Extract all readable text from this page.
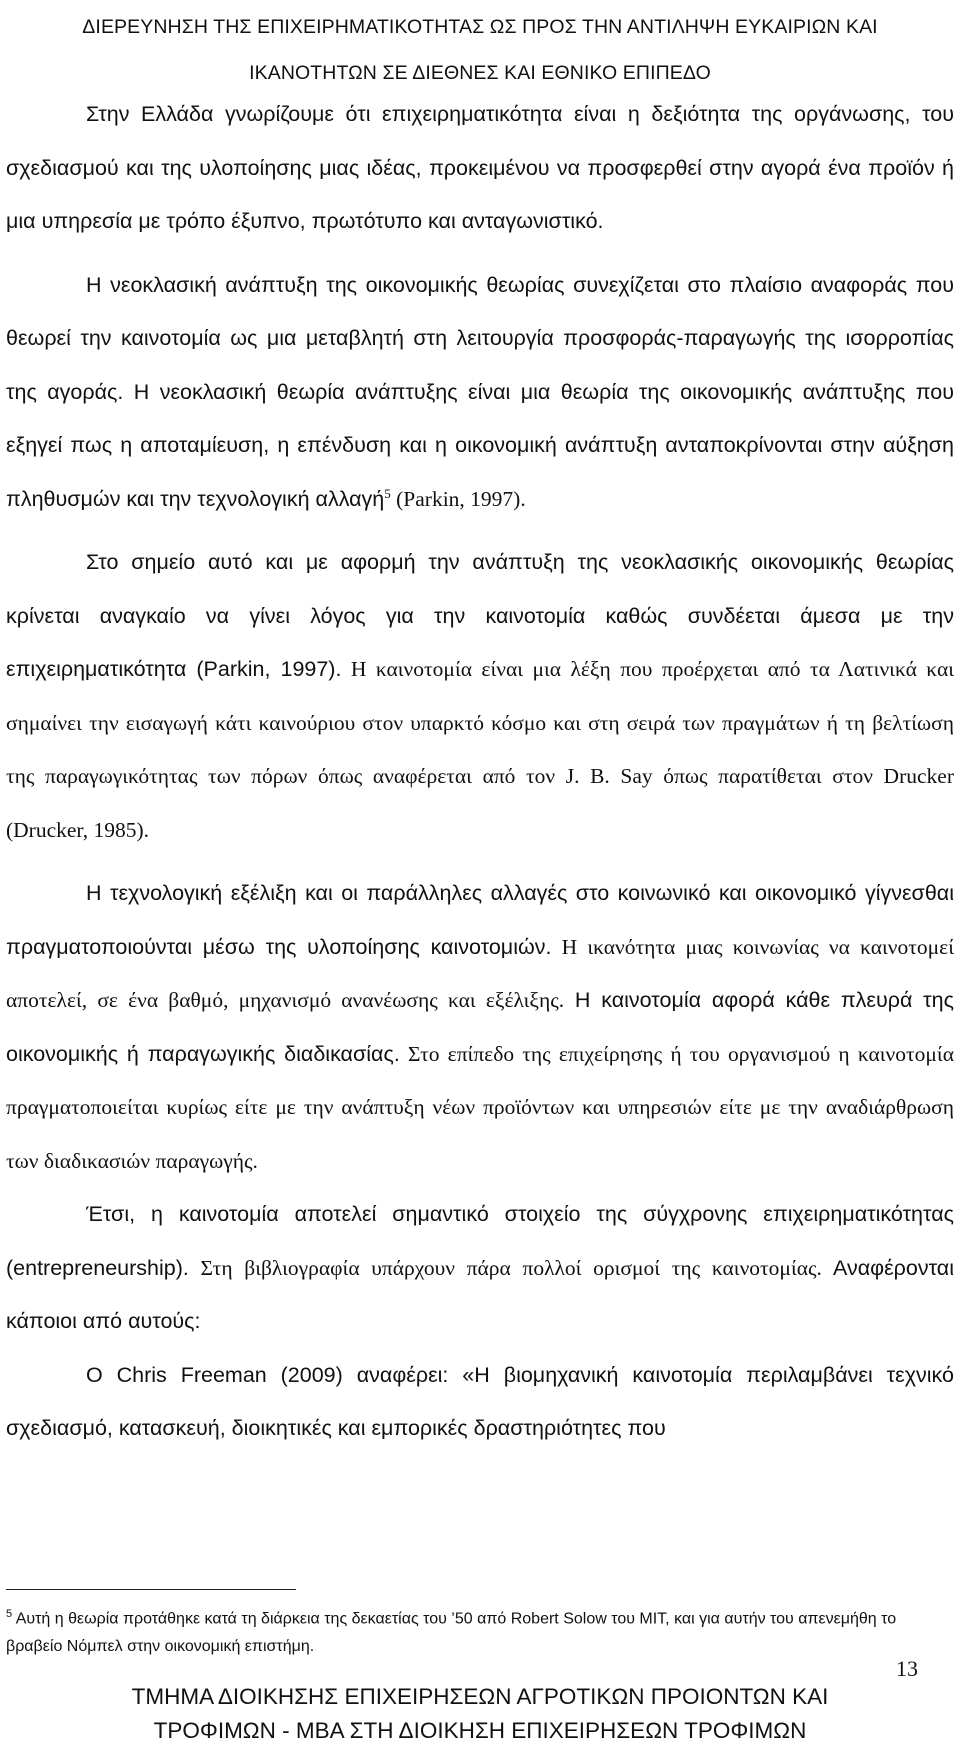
ΔΙΕΡΕΥΝΗΣΗ ΤΗΣ ΕΠΙΧΕΙΡΗΜΑΤΙΚΟΤΗΤΑΣ ΩΣ ΠΡΟΣ ΤΗΝ ΑΝΤΙΛΗΨΗ ΕΥΚΑΙΡΙΩΝ ΚΑΙ
ΙΚΑΝΟΤΗΤΩΝ ΣΕ ΔΙΕΘΝΕΣ ΚΑΙ ΕΘΝΙΚΟ ΕΠΙΠΕΔΟ

Στην Ελλάδα γνωρίζουμε ότι επιχειρηματικότητα είναι η δεξιότητα της οργάνωσης, του σχεδιασμού και της υλοποίησης μιας ιδέας, προκειμένου να προσφερθεί στην αγορά ένα προϊόν ή μια υπηρεσία με τρόπο έξυπνο, πρωτότυπο και ανταγωνιστικό.

Η νεοκλασική ανάπτυξη της οικονομικής θεωρίας συνεχίζεται στο πλαίσιο αναφοράς που θεωρεί την καινοτομία ως μια μεταβλητή στη λειτουργία προσφοράς-παραγωγής της ισορροπίας της αγοράς. Η νεοκλασική θεωρία ανάπτυξης είναι μια θεωρία της οικονομικής ανάπτυξης που εξηγεί πως η αποταμίευση, η επένδυση και η οικονομική ανάπτυξη ανταποκρίνονται στην αύξηση πληθυσμών και την τεχνολογική αλλαγή$^5$ (Parkin, 1997).

Στο σημείο αυτό και με αφορμή την ανάπτυξη της νεοκλασικής οικονομικής θεωρίας κρίνεται αναγκαίο να γίνει λόγος για την καινοτομία καθώς συνδέεται άμεσα με την επιχειρηματικότητα (Parkin, 1997). Η καινοτομία είναι μια λέξη που προέρχεται από τα Λατινικά και σημαίνει την εισαγωγή κάτι καινούριου στον υπαρκτό κόσμο και στη σειρά των πραγμάτων ή τη βελτίωση της παραγωγικότητας των πόρων όπως αναφέρεται από τον J. B. Say όπως παρατίθεται στον Drucker (Drucker, 1985).

Η τεχνολογική εξέλιξη και οι παράλληλες αλλαγές στο κοινωνικό και οικονομικό γίγνεσθαι πραγματοποιούνται μέσω της υλοποίησης καινοτομιών. Η ικανότητα μιας κοινωνίας να καινοτομεί αποτελεί, σε ένα βαθμό, μηχανισμό ανανέωσης και εξέλιξης. Η καινοτομία αφορά κάθε πλευρά της οικονομικής ή παραγωγικής διαδικασίας. Στο επίπεδο της επιχείρησης ή του οργανισμού η καινοτομία πραγματοποιείται κυρίως είτε με την ανάπτυξη νέων προϊόντων και υπηρεσιών είτε με την αναδιάρθρωση των διαδικασιών παραγωγής.

Έτσι, η καινοτομία αποτελεί σημαντικό στοιχείο της σύγχρονης επιχειρηματικότητας (entrepreneurship). Στη βιβλιογραφία υπάρχουν πάρα πολλοί ορισμοί της καινοτομίας. Αναφέρονται κάποιοι από αυτούς:

Ο Chris Freeman (2009) αναφέρει: «Η βιομηχανική καινοτομία περιλαμβάνει τεχνικό σχεδιασμό, κατασκευή, διοικητικές και εμπορικές δραστηριότητες που

$^5$ Αυτή η θεωρία προτάθηκε κατά τη διάρκεια της δεκαετίας του ’50 από Robert Solow του MIT, και για αυτήν του απενεμήθη το βραβείο Νόμπελ στην οικονομική επιστήμη.
13
ΤΜΗΜΑ ΔΙΟΙΚΗΣΗΣ ΕΠΙΧΕΙΡΗΣΕΩΝ ΑΓΡΟΤΙΚΩΝ ΠΡΟΙΟΝΤΩΝ ΚΑΙ
ΤΡΟΦΙΜΩΝ - ΜΒΑ ΣΤΗ ΔΙΟΙΚΗΣΗ ΕΠΙΧΕΙΡΗΣΕΩΝ ΤΡΟΦΙΜΩΝ
